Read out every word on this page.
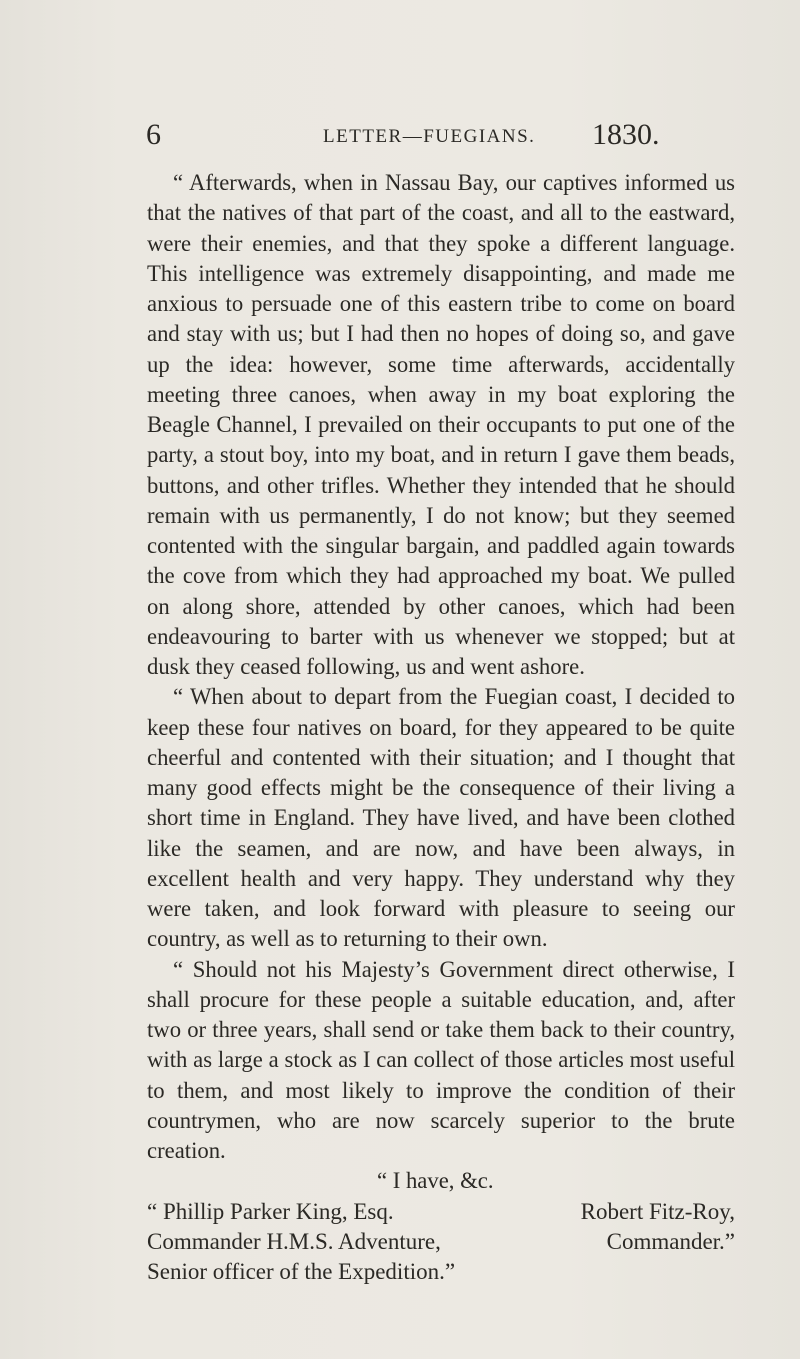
6	LETTER—FUEGIANS. 1830.

“ Afterwards, when in Nassau Bay, our captives informed us that the natives of that part of the coast, and all to the eastward, were their enemies, and that they spoke a different language. This intelligence was extremely disappointing, and made me anxious to persuade one of this eastern tribe to come on board and stay with us; but I had then no hopes of doing so, and gave up the idea: however, some time afterwards, accidentally meeting three canoes, when away in my boat exploring the Beagle Channel, I prevailed on their occupants to put one of the party, a stout boy, into my boat, and in return I gave them beads, buttons, and other trifles. Whether they intended that he should remain with us permanently, I do not know; but they seemed contented with the singular bargain, and paddled again towards the cove from which they had approached my boat. We pulled on along shore, attended by other canoes, which had been endeavouring to barter with us whenever we stopped; but at dusk they ceased following, us and went ashore.

“ When about to depart from the Fuegian coast, I decided to keep these four natives on board, for they appeared to be quite cheerful and contented with their situation; and I thought that many good effects might be the consequence of their living a short time in England. They have lived, and have been clothed like the seamen, and are now, and have been always, in excellent health and very happy. They understand why they were taken, and look forward with pleasure to seeing our country, as well as to returning to their own.

“ Should not his Majesty’s Government direct otherwise, I shall procure for these people a suitable education, and, after two or three years, shall send or take them back to their country, with as large a stock as I can collect of those articles most useful to them, and most likely to improve the condition of their countrymen, who are now scarcely superior to the brute creation.

“ I have, &c.

“ Phillip Parker King, Esq.	Robert Fitz-Roy,
Commander H.M.S. Adventure,	Commander.”
Senior officer of the Expedition.”
